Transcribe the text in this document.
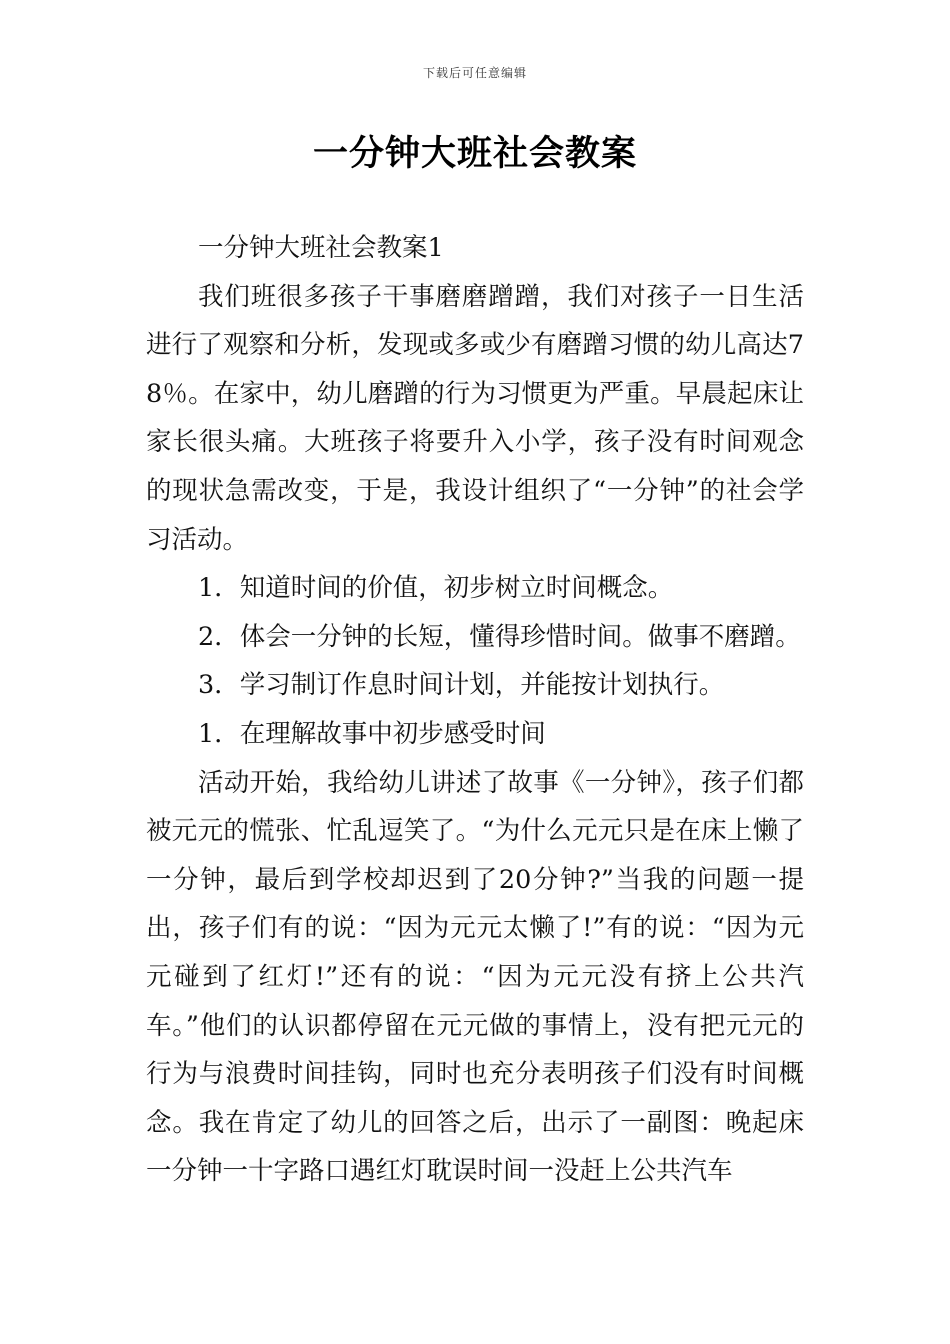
下载后可任意编辑
一分钟大班社会教案

一分钟大班社会教案1

我们班很多孩子干事磨磨蹭蹭，我们对孩子一日生活进行了观察和分析，发现或多或少有磨蹭习惯的幼儿高达78％。在家中，幼儿磨蹭的行为习惯更为严重。早晨起床让家长很头痛。大班孩子将要升入小学，孩子没有时间观念的现状急需改变，于是，我设计组织了“一分钟”的社会学习活动。

1．知道时间的价值，初步树立时间概念。

2．体会一分钟的长短，懂得珍惜时间。做事不磨蹭。

3．学习制订作息时间计划，并能按计划执行。

1．在理解故事中初步感受时间

活动开始，我给幼儿讲述了故事《一分钟》，孩子们都被元元的慌张、忙乱逗笑了。“为什么元元只是在床上懒了一分钟，最后到学校却迟到了20分钟?”当我的问题一提出，孩子们有的说：“因为元元太懒了!”有的说：“因为元元碰到了红灯!”还有的说：“因为元元没有挤上公共汽车。”他们的认识都停留在元元做的事情上，没有把元元的行为与浪费时间挂钩，同时也充分表明孩子们没有时间概念。我在肯定了幼儿的回答之后，出示了一副图：晚起床一分钟一十字路口遇红灯耽误时间一没赶上公共汽车
